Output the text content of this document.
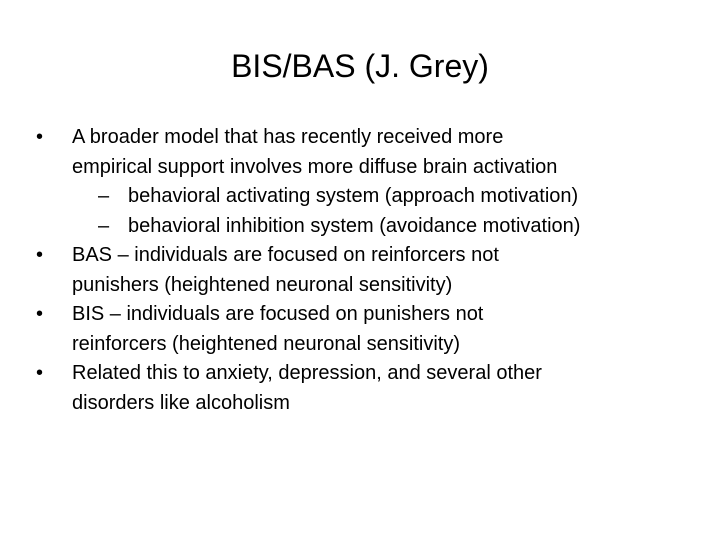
BIS/BAS (J. Grey)
•	A broader model that has recently received more
empirical support involves more diffuse brain activation
– behavioral activating system (approach motivation)
– behavioral inhibition system (avoidance motivation)
•	BAS – individuals are focused on reinforcers not
punishers (heightened neuronal sensitivity)
•	BIS – individuals are focused on punishers not
reinforcers (heightened neuronal sensitivity)
•	Related this to anxiety, depression, and several other
disorders like alcoholism
